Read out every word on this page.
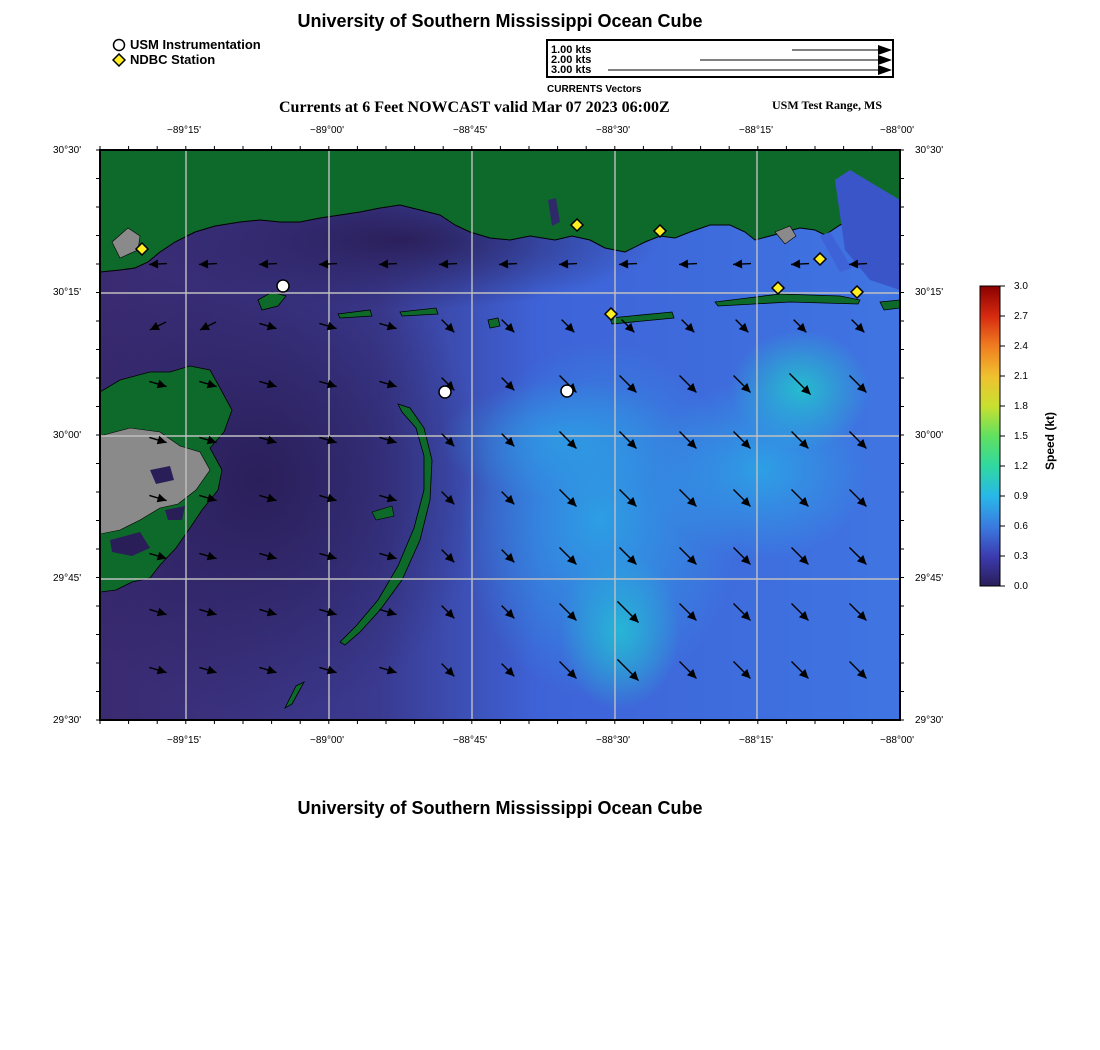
University of Southern Mississippi Ocean Cube
USM Instrumentation
NDBC Station
1.00 kts
2.00 kts
3.00 kts
CURRENTS Vectors
Currents at 6 Feet NOWCAST valid Mar 07 2023 06:00Z	USM Test Range, MS
−89°15'	−89°00'	−88°45'	−88°30'	−88°15'	−88°00'
−89°15'	−89°00'	−88°45'	−88°30'	−88°15'	−88°00'
30°30'
30°15'
30°00'
29°45'
29°30'
30°30'
30°15'
30°00'
29°45'
29°30'
3.0
2.7
2.4
2.1
1.8
1.5
1.2
0.9
0.6
0.3
0.0
Speed (kt)
University of Southern Mississippi Ocean Cube
